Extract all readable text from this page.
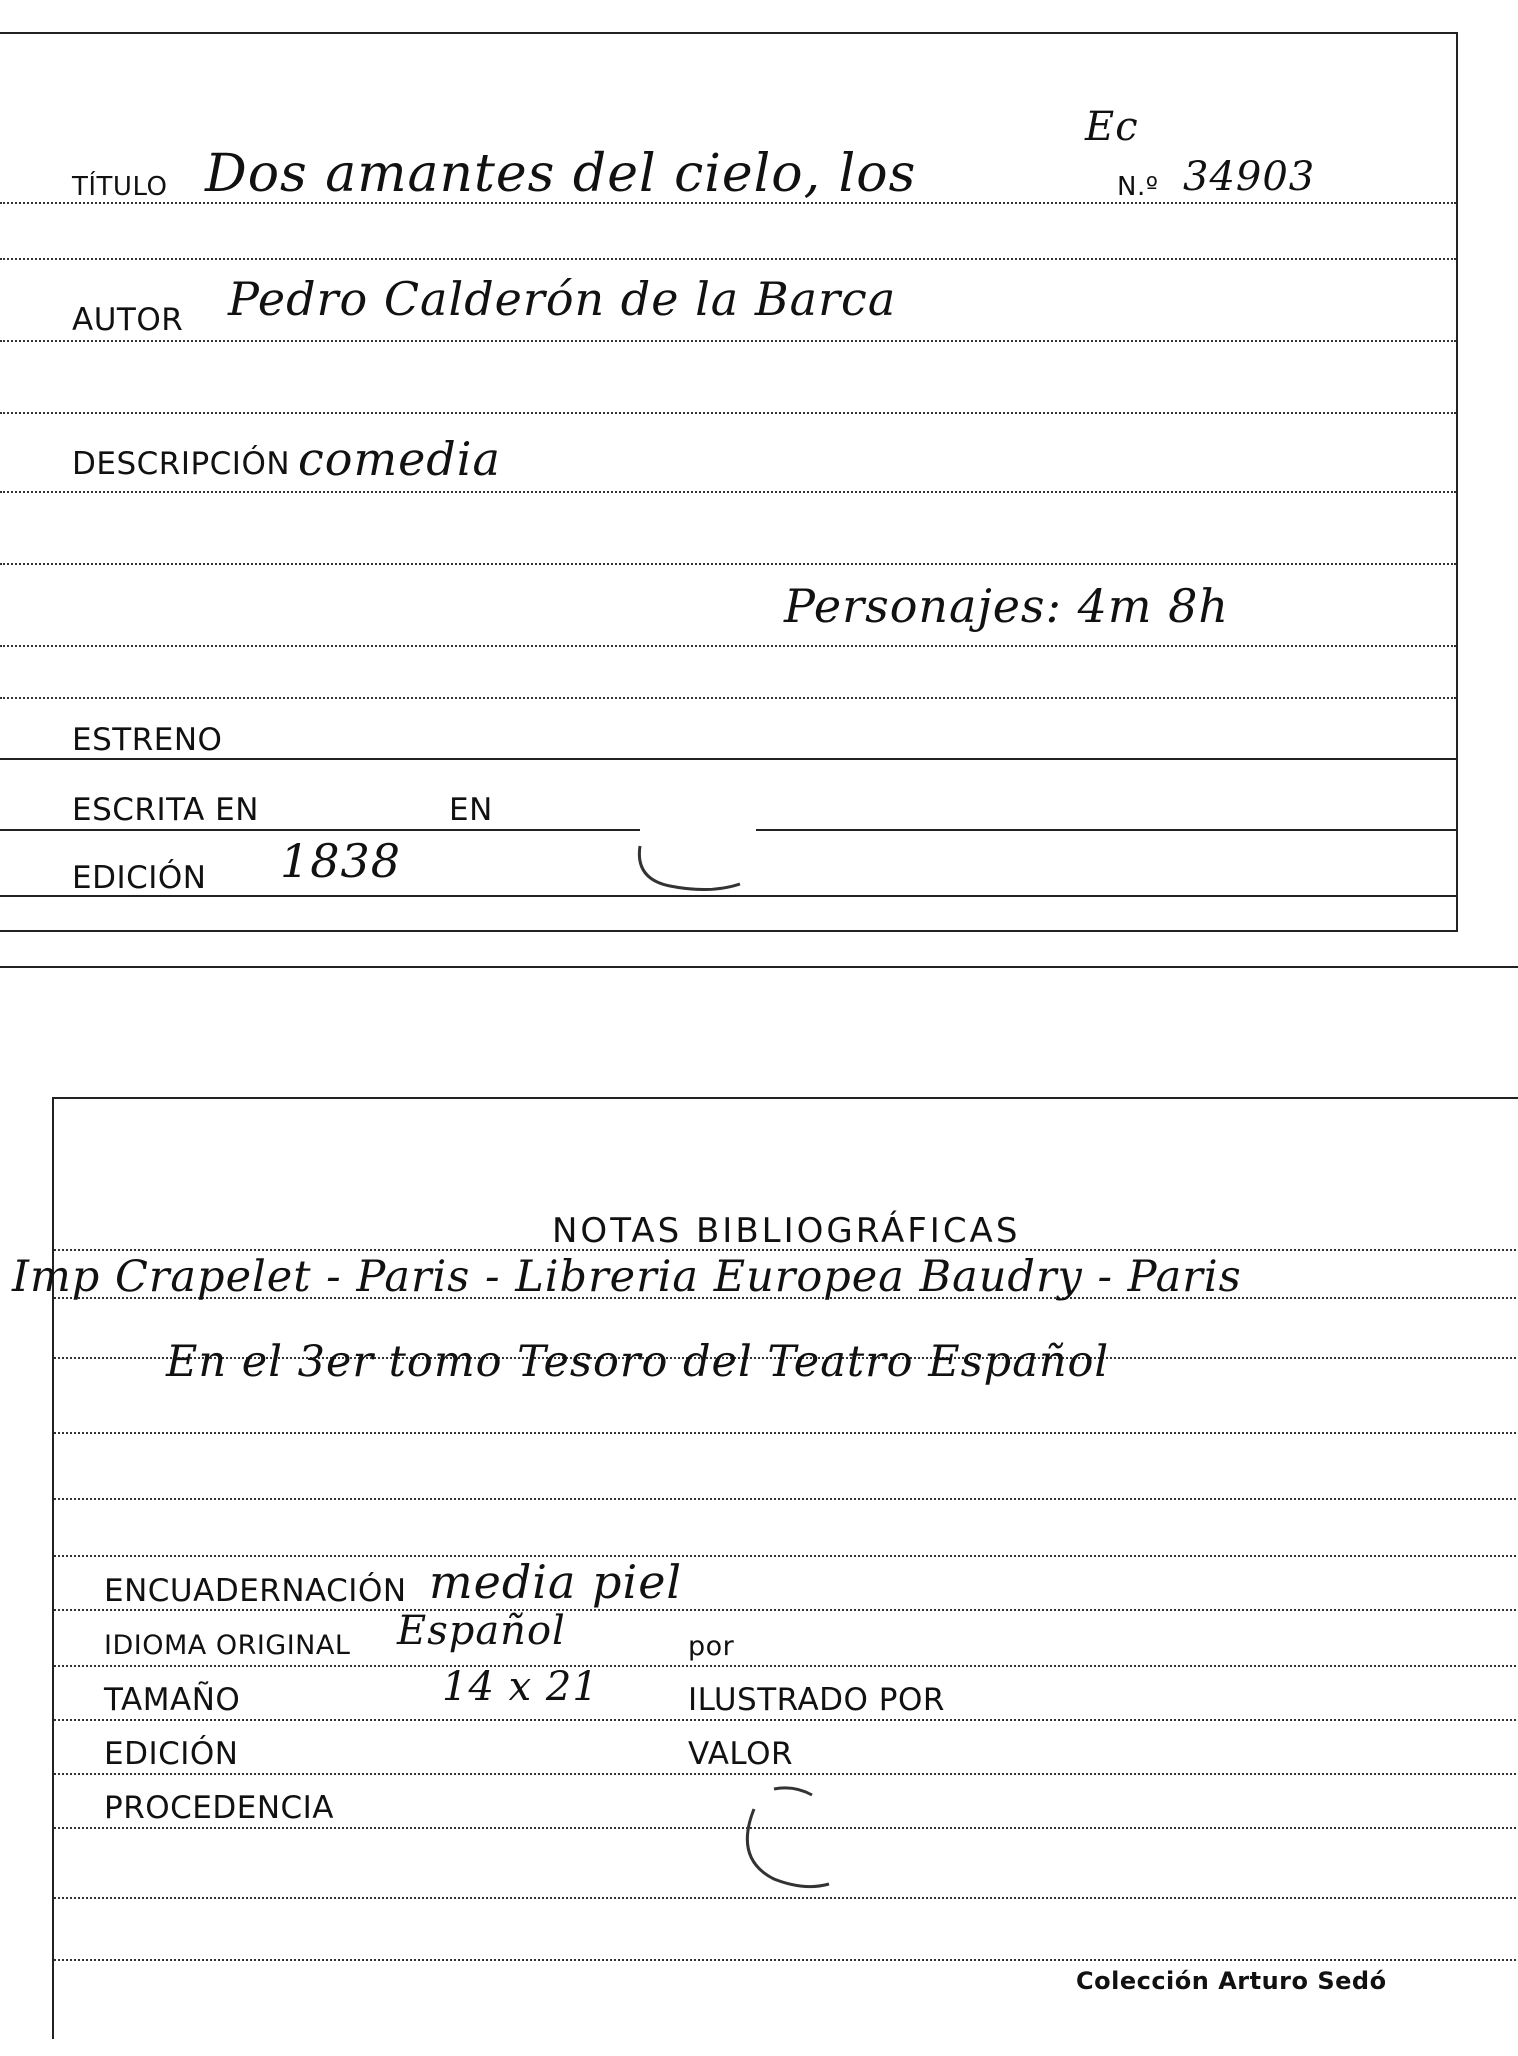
TÍTULO Dos amantes del cielo, los
Ec
N.º 34903
AUTOR Pedro Calderón de la Barca
DESCRIPCIÓN comedia
Personajes: 4m 8h
ESTRENO
ESCRITA EN	EN
EDICIÓN 1838
NOTAS BIBLIOGRÁFICAS
Imp Crapelet - Paris - Libreria Europea Baudry - Paris
En el 3er tomo Tesoro del Teatro Español
ENCUADERNACIÓN media piel
IDIOMA ORIGINAL Español	por
TAMAÑO	14 x 21	ILUSTRADO POR
EDICIÓN	VALOR
PROCEDENCIA
Colección Arturo Sedó
